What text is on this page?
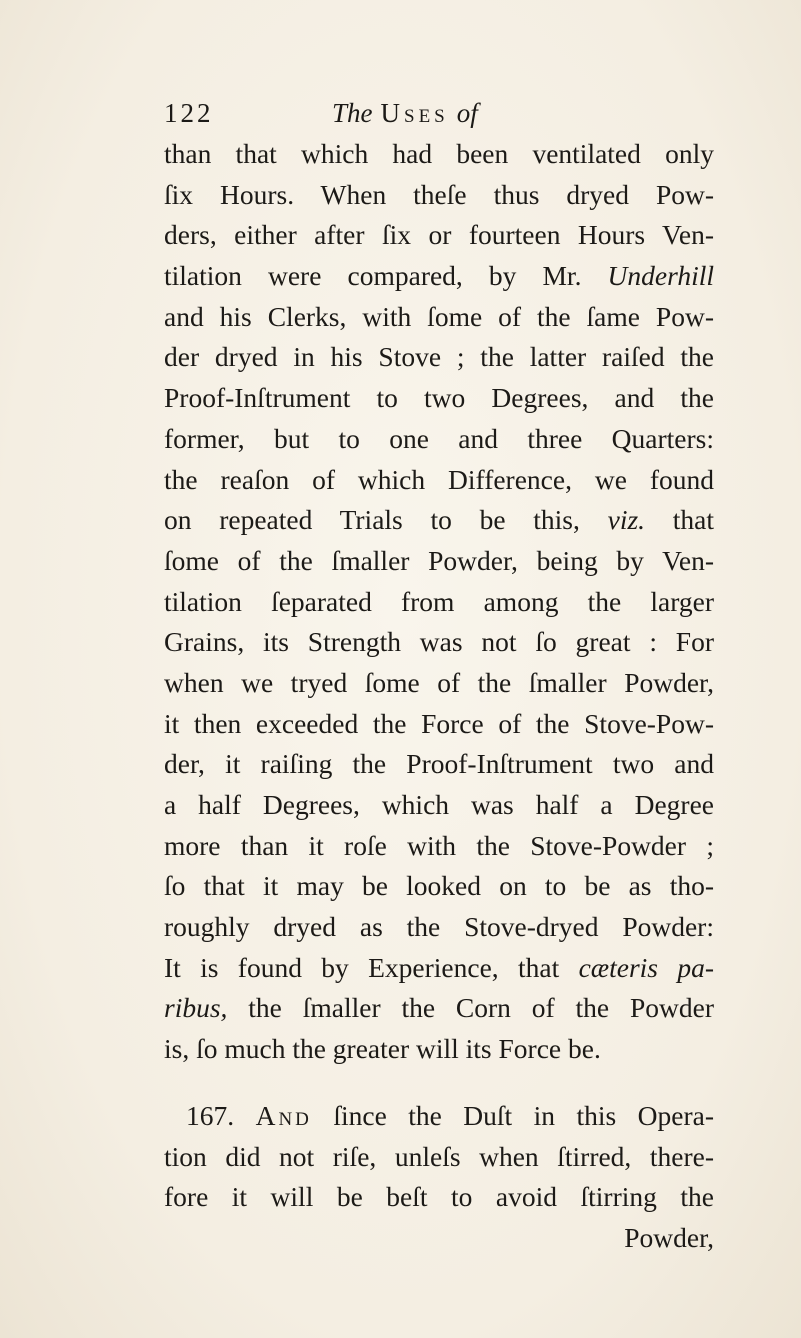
122	The Uses of
than that which had been ventilated only
ſix Hours. When theſe thus dryed Pow-
ders, either after ſix or fourteen Hours Ven-
tilation were compared, by Mr. Underhill
and his Clerks, with ſome of the ſame Pow-
der dryed in his Stove ; the latter raiſed the
Proof-Inſtrument to two Degrees, and the
former, but to one and three Quarters:
the reaſon of which Difference, we found
on repeated Trials to be this, viz. that
ſome of the ſmaller Powder, being by Ven-
tilation ſeparated from among the larger
Grains, its Strength was not ſo great : For
when we tryed ſome of the ſmaller Powder,
it then exceeded the Force of the Stove-Pow-
der, it raiſing the Proof-Inſtrument two and
a half Degrees, which was half a Degree
more than it roſe with the Stove-Powder ;
ſo that it may be looked on to be as tho-
roughly dryed as the Stove-dryed Powder:
It is found by Experience, that cæteris pa-
ribus, the ſmaller the Corn of the Powder
is, ſo much the greater will its Force be.
167. And ſince the Duſt in this Opera-
tion did not riſe, unleſs when ſtirred, there-
fore it will be beſt to avoid ſtirring the
Powder,
